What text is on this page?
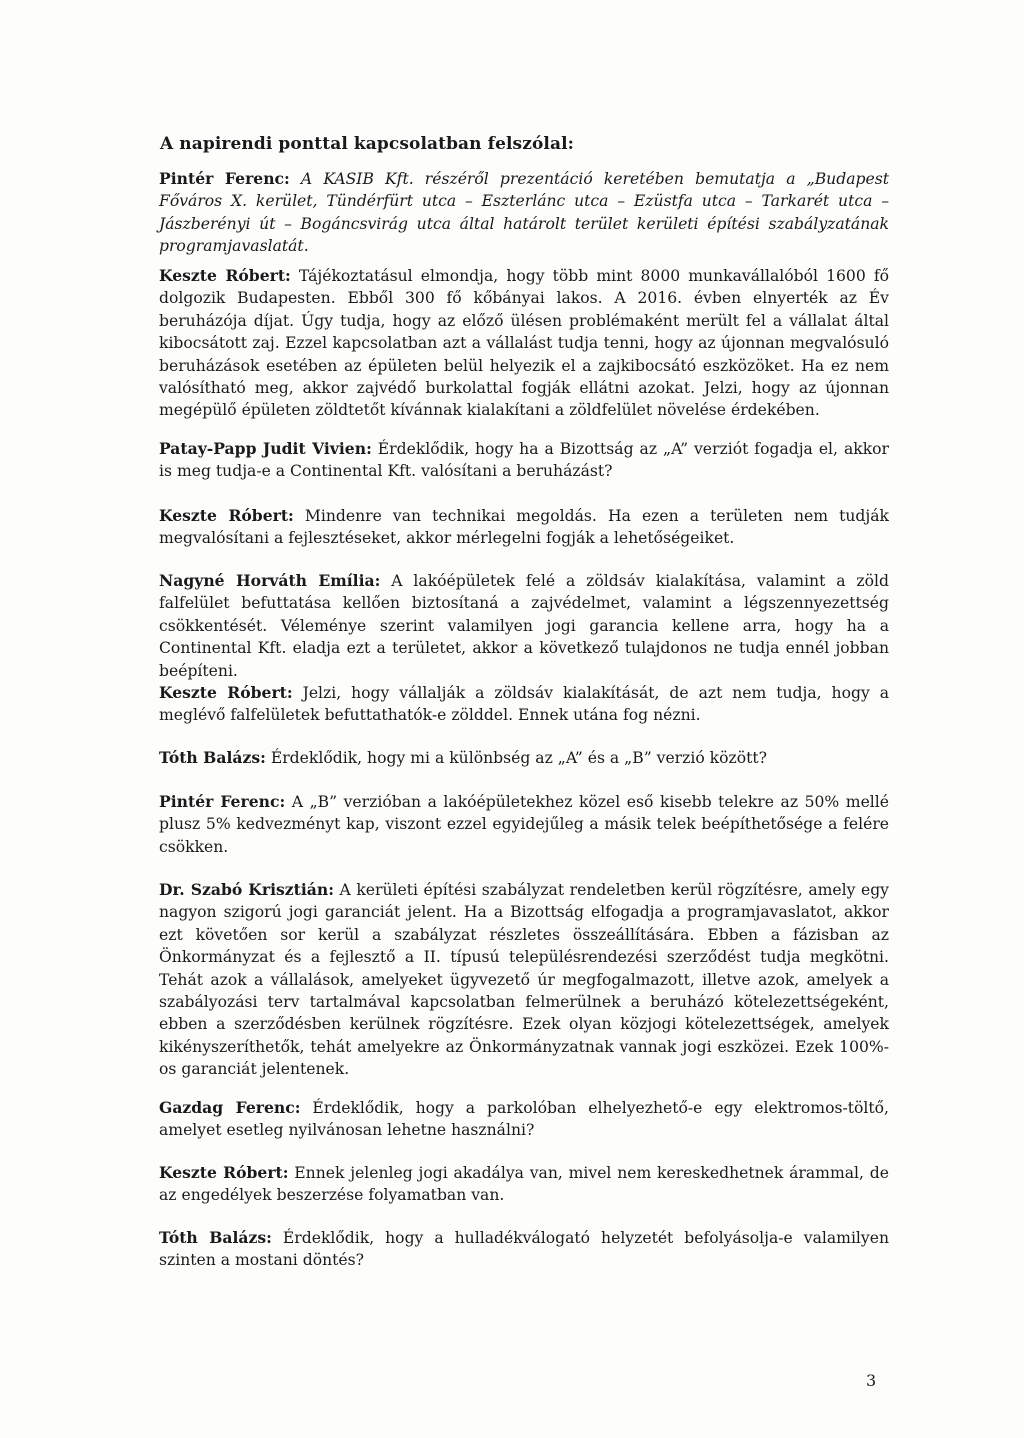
A napirendi ponttal kapcsolatban felszólal:

Pintér Ferenc: A KASIB Kft. részéről prezentáció keretében bemutatja a „Budapest Főváros X. kerület, Tündérfürt utca – Eszterlánc utca – Ezüstfa utca – Tarkarét utca – Jászberényi út – Bogáncsvirág utca által határolt terület kerületi építési szabályzatának programjavaslatát.

Keszte Róbert: Tájékoztatásul elmondja, hogy több mint 8000 munkavállalóból 1600 fő dolgozik Budapesten. Ebből 300 fő kőbányai lakos. A 2016. évben elnyerték az Év beruházója díjat. Úgy tudja, hogy az előző ülésen problémaként merült fel a vállalat által kibocsátott zaj. Ezzel kapcsolatban azt a vállalást tudja tenni, hogy az újonnan megvalósuló beruházások esetében az épületen belül helyezik el a zajkibocsátó eszközöket. Ha ez nem valósítható meg, akkor zajvédő burkolattal fogják ellátni azokat. Jelzi, hogy az újonnan megépülő épületen zöldtetőt kívánnak kialakítani a zöldfelület növelése érdekében.

Patay-Papp Judit Vivien: Érdeklődik, hogy ha a Bizottság az „A” verziót fogadja el, akkor is meg tudja-e a Continental Kft. valósítani a beruházást?

Keszte Róbert: Mindenre van technikai megoldás. Ha ezen a területen nem tudják megvalósítani a fejlesztéseket, akkor mérlegelni fogják a lehetőségeiket.

Nagyné Horváth Emília: A lakóépületek felé a zöldsáv kialakítása, valamint a zöld falfelület befuttatása kellően biztosítaná a zajvédelmet, valamint a légszennyezettség csökkentését. Véleménye szerint valamilyen jogi garancia kellene arra, hogy ha a Continental Kft. eladja ezt a területet, akkor a következő tulajdonos ne tudja ennél jobban beépíteni.

Keszte Róbert: Jelzi, hogy vállalják a zöldsáv kialakítását, de azt nem tudja, hogy a meglévő falfelületek befuttathatók-e zölddel. Ennek utána fog nézni.

Tóth Balázs: Érdeklődik, hogy mi a különbség az „A” és a „B” verzió között?

Pintér Ferenc: A „B” verzióban a lakóépületekhez közel eső kisebb telekre az 50% mellé plusz 5% kedvezményt kap, viszont ezzel egyidejűleg a másik telek beépíthetősége a felére csökken.

Dr. Szabó Krisztián: A kerületi építési szabályzat rendeletben kerül rögzítésre, amely egy nagyon szigorú jogi garanciát jelent. Ha a Bizottság elfogadja a programjavaslatot, akkor ezt követően sor kerül a szabályzat részletes összeállítására. Ebben a fázisban az Önkormányzat és a fejlesztő a II. típusú településrendezési szerződést tudja megkötni. Tehát azok a vállalások, amelyeket ügyvezető úr megfogalmazott, illetve azok, amelyek a szabályozási terv tartalmával kapcsolatban felmerülnek a beruházó kötelezettségeként, ebben a szerződésben kerülnek rögzítésre. Ezek olyan közjogi kötelezettségek, amelyek kikényszeríthetők, tehát amelyekre az Önkormányzatnak vannak jogi eszközei. Ezek 100%-os garanciát jelentenek.

Gazdag Ferenc: Érdeklődik, hogy a parkolóban elhelyezhető-e egy elektromos-töltő, amelyet esetleg nyilvánosan lehetne használni?

Keszte Róbert: Ennek jelenleg jogi akadálya van, mivel nem kereskedhetnek árammal, de az engedélyek beszerzése folyamatban van.

Tóth Balázs: Érdeklődik, hogy a hulladékválogató helyzetét befolyásolja-e valamilyen szinten a mostani döntés?

3
